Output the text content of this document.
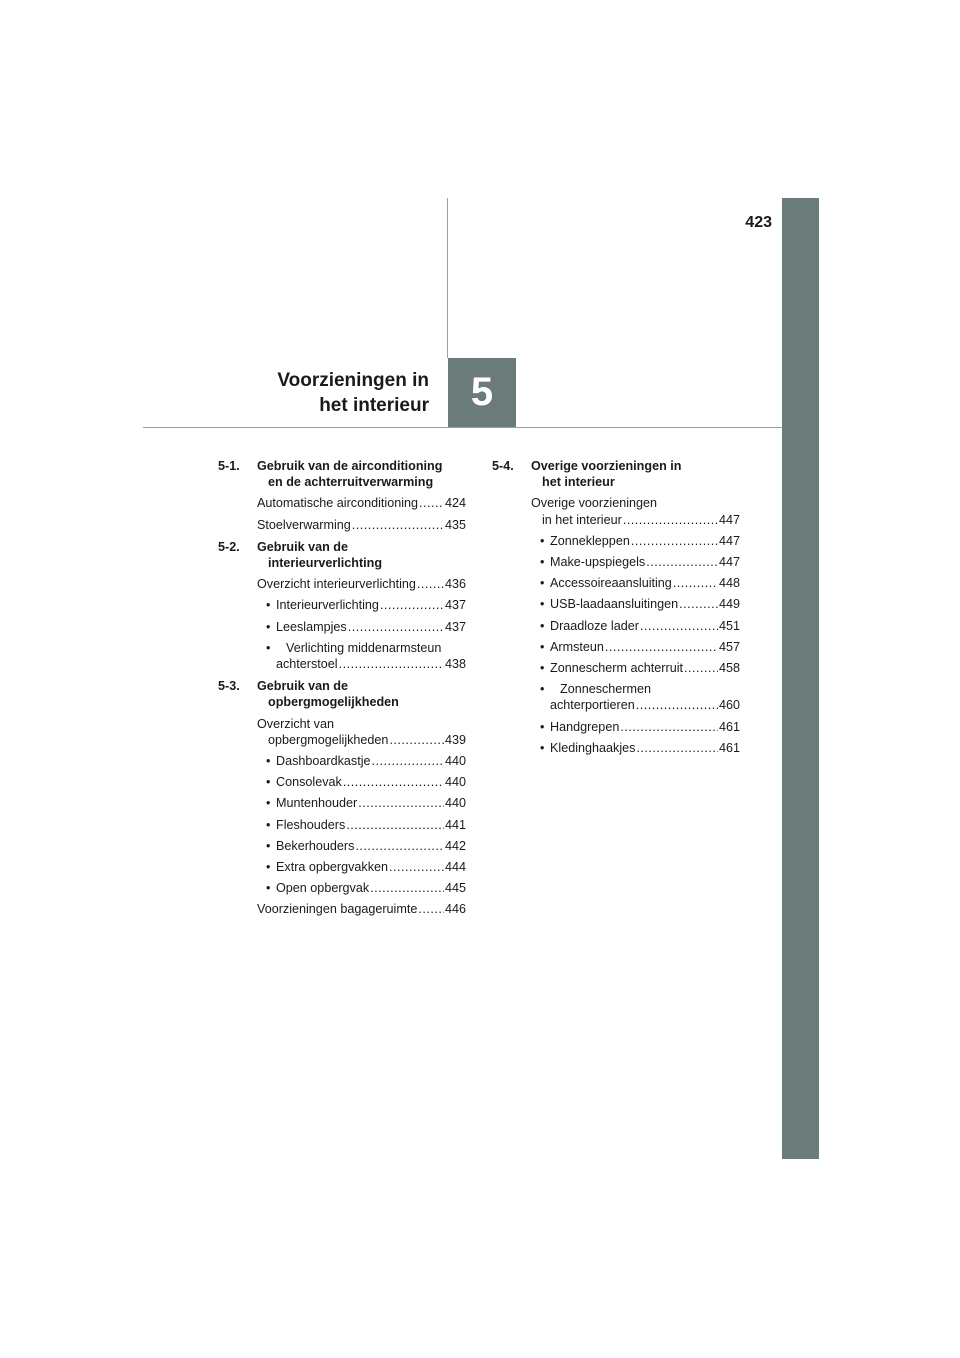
423
5
Voorzieningen in
het interieur
5-1. Gebruik van de airconditioning
en de achterruitverwarming
Automatische airconditioning ..... 424
Stoelverwarming .....	435
5-2. Gebruik van de
interieurverlichting
Overzicht interieurverlichting ..... 436
• Interieurverlichting .....	437
• Leeslampjes .....	437
•	Verlichting middenarmsteun
achterstoel .....	438
5-3. Gebruik van de
opbergmogelijkheden
Overzicht van
opbergmogelijkheden .....	439
• Dashboardkastje .....	440
• Consolevak .....	440
• Muntenhouder .....	440
• Fleshouders .....	441
• Bekerhouders .....	442
• Extra opbergvakken .....	444
• Open opbergvak .....	445
Voorzieningen bagageruimte ..... 446
5-4. Overige voorzieningen in
het interieur
Overige voorzieningen
in het interieur .....	447
• Zonnekleppen .....	447
• Make-upspiegels .....	447
• Accessoireaansluiting .....	448
• USB-laadaansluitingen .....	449
• Draadloze lader .....	451
• Armsteun .....	457
• Zonnescherm achterruit .....	458
•	Zonneschermen
achterportieren .....	460
• Handgrepen .....	461
• Kledinghaakjes .....	461
